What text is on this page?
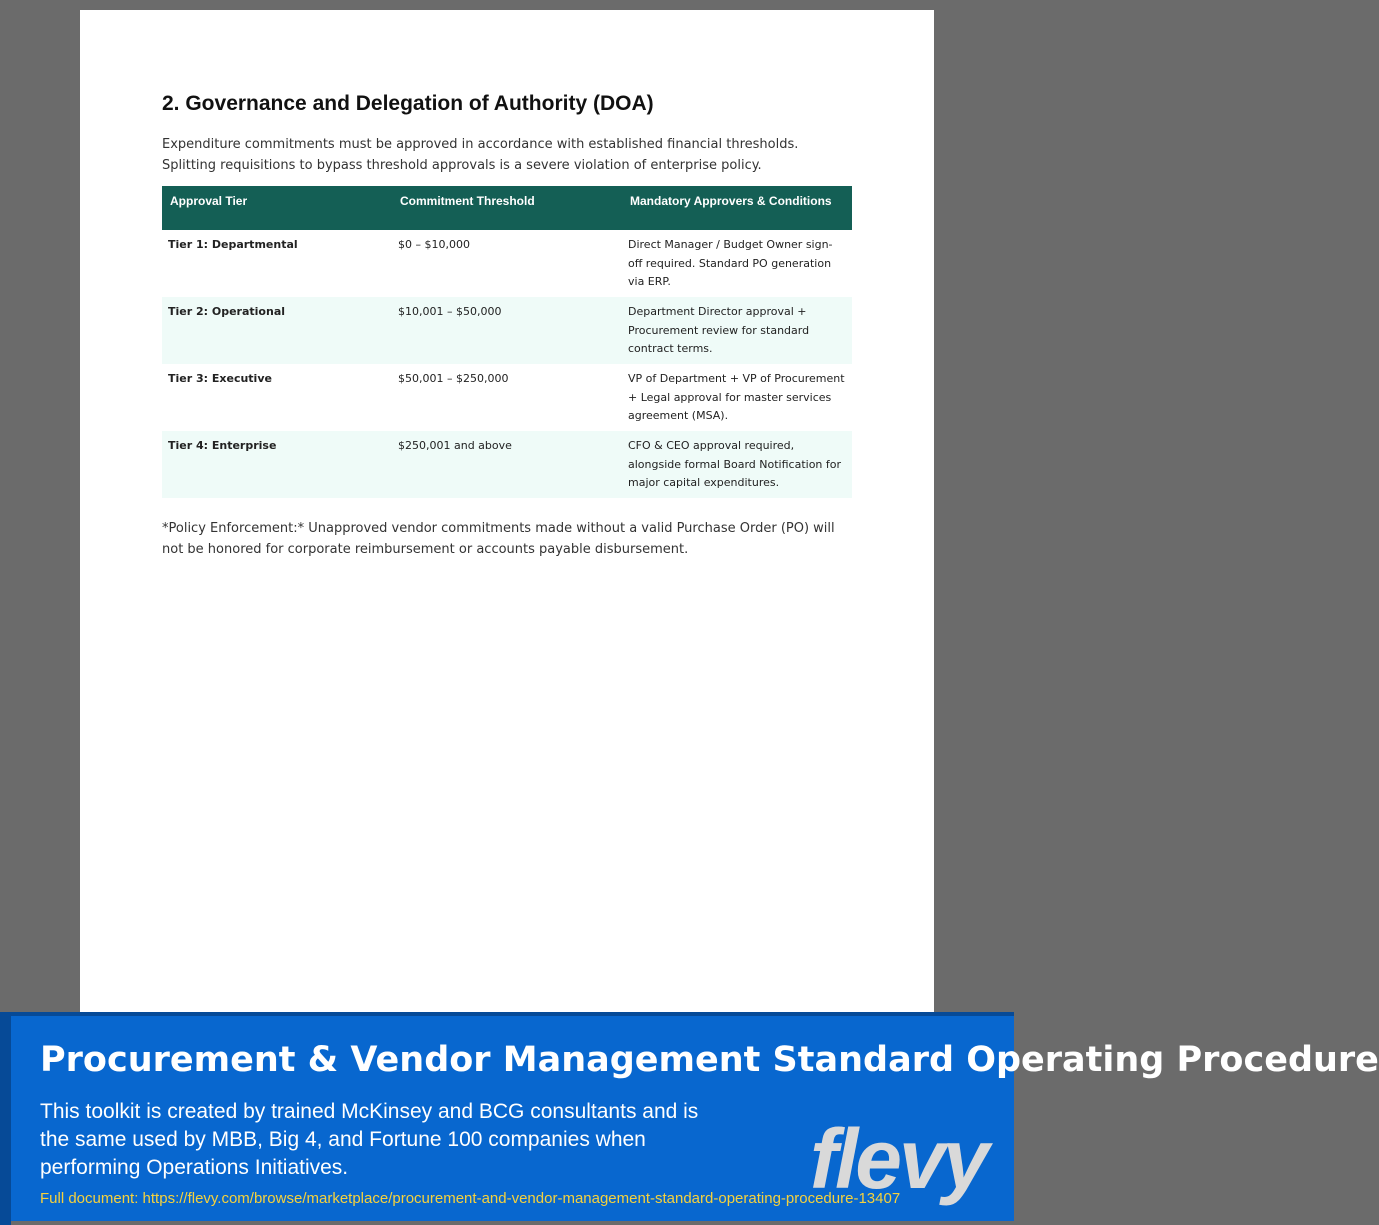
2. Governance and Delegation of Authority (DOA)

Expenditure commitments must be approved in accordance with established financial thresholds. Splitting requisitions to bypass threshold approvals is a severe violation of enterprise policy.

Approval Tier	Commitment Threshold	Mandatory Approvers & Conditions
Tier 1: Departmental	$0 – $10,000	Direct Manager / Budget Owner sign-off required. Standard PO generation via ERP.
Tier 2: Operational	$10,001 – $50,000	Department Director approval + Procurement review for standard contract terms.
Tier 3: Executive	$50,001 – $250,000	VP of Department + VP of Procurement + Legal approval for master services agreement (MSA).
Tier 4: Enterprise	$250,001 and above	CFO & CEO approval required, alongside formal Board Notification for major capital expenditures.

*Policy Enforcement:* Unapproved vendor commitments made without a valid Purchase Order (PO) will not be honored for corporate reimbursement or accounts payable disbursement.

Procurement & Vendor Management Standard Operating Procedure

This toolkit is created by trained McKinsey and BCG consultants and is the same used by MBB, Big 4, and Fortune 100 companies when performing Operations Initiatives.

Full document: https://flevy.com/browse/marketplace/procurement-and-vendor-management-standard-operating-procedure-13407
flevy
